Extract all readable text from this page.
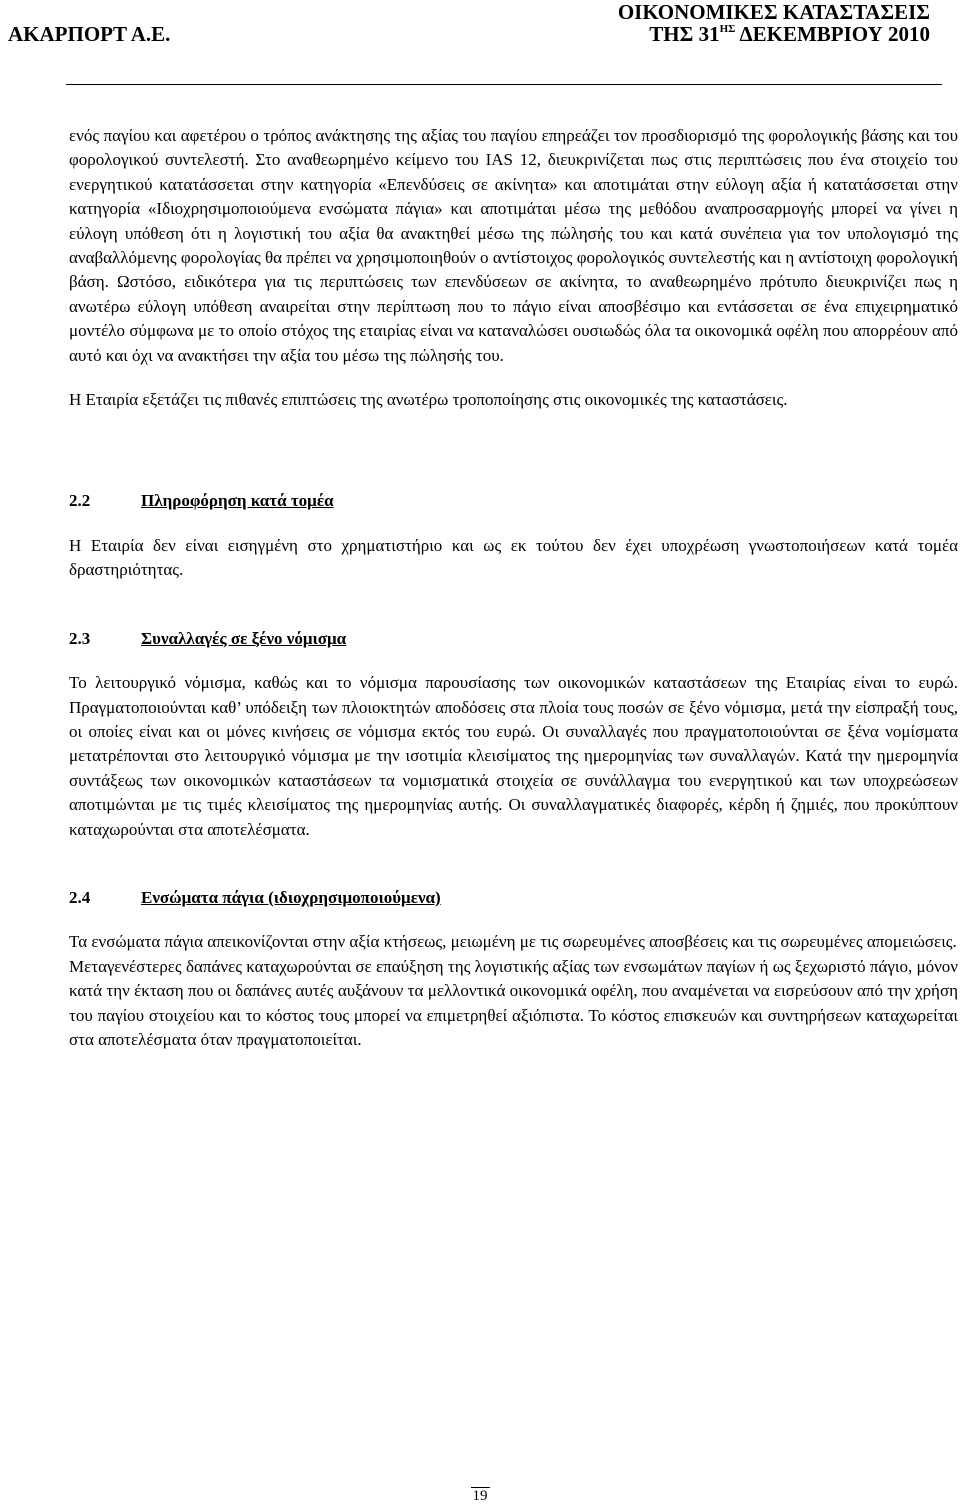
ΑΚΑΡΠΟΡΤ Α.Ε.
ΟΙΚΟΝΟΜΙΚΕΣ ΚΑΤΑΣΤΑΣΕΙΣ
ΤΗΣ $31^{H\Sigma}$ ΔΕΚΕΜΒΡΙΟΥ 2010

ενός παγίου και αφετέρου ο τρόπος ανάκτησης της αξίας του παγίου επηρεάζει τον προσδιορισμό της φορολογικής βάσης και του φορολογικού συντελεστή. Στο αναθεωρημένο κείμενο του IAS 12, διευκρινίζεται πως στις περιπτώσεις που ένα στοιχείο του ενεργητικού κατατάσσεται στην κατηγορία «Επενδύσεις σε ακίνητα» και αποτιμάται στην εύλογη αξία ή κατατάσσεται στην κατηγορία «Ιδιοχρησιμοποιούμενα ενσώματα πάγια» και αποτιμάται μέσω της μεθόδου αναπροσαρμογής μπορεί να γίνει η εύλογη υπόθεση ότι η λογιστική του αξία θα ανακτηθεί μέσω της πώλησής του και κατά συνέπεια για τον υπολογισμό της αναβαλλόμενης φορολογίας θα πρέπει να χρησιμοποιηθούν ο αντίστοιχος φορολογικός συντελεστής και η αντίστοιχη φορολογική βάση. Ωστόσο, ειδικότερα για τις περιπτώσεις των επενδύσεων σε ακίνητα, το αναθεωρημένο πρότυπο διευκρινίζει πως η ανωτέρω εύλογη υπόθεση αναιρείται στην περίπτωση που το πάγιο είναι αποσβέσιμο και εντάσσεται σε ένα επιχειρηματικό μοντέλο σύμφωνα με το οποίο στόχος της εταιρίας είναι να καταναλώσει ουσιωδώς όλα τα οικονομικά οφέλη που απορρέουν από αυτό και όχι να ανακτήσει την αξία του μέσω της πώλησής του.

Η Εταιρία εξετάζει τις πιθανές επιπτώσεις της ανωτέρω τροποποίησης στις οικονομικές της καταστάσεις.

2.2	Πληροφόρηση κατά τομέα

Η Εταιρία δεν είναι εισηγμένη στο χρηματιστήριο και ως εκ τούτου δεν έχει υποχρέωση γνωστοποιήσεων κατά τομέα δραστηριότητας.

2.3	Συναλλαγές σε ξένο νόμισμα

Το λειτουργικό νόμισμα, καθώς και το νόμισμα παρουσίασης των οικονομικών καταστάσεων της Εταιρίας είναι το ευρώ. Πραγματοποιούνται καθ’ υπόδειξη των πλοιοκτητών αποδόσεις στα πλοία τους ποσών σε ξένο νόμισμα, μετά την είσπραξή τους, οι οποίες είναι και οι μόνες κινήσεις σε νόμισμα εκτός του ευρώ. Οι συναλλαγές που πραγματοποιούνται σε ξένα νομίσματα μετατρέπονται στο λειτουργικό νόμισμα με την ισοτιμία κλεισίματος της ημερομηνίας των συναλλαγών. Κατά την ημερομηνία συντάξεως των οικονομικών καταστάσεων τα νομισματικά στοιχεία σε συνάλλαγμα του ενεργητικού και των υποχρεώσεων αποτιμώνται με τις τιμές κλεισίματος της ημερομηνίας αυτής. Οι συναλλαγματικές διαφορές, κέρδη ή ζημιές, που προκύπτουν καταχωρούνται στα αποτελέσματα.

2.4	Ενσώματα πάγια (ιδιοχρησιμοποιούμενα)

Τα ενσώματα πάγια απεικονίζονται στην αξία κτήσεως, μειωμένη με τις σωρευμένες αποσβέσεις και τις σωρευμένες απομειώσεις.

Μεταγενέστερες δαπάνες καταχωρούνται σε επαύξηση της λογιστικής αξίας των ενσωμάτων παγίων ή ως ξεχωριστό πάγιο, μόνον κατά την έκταση που οι δαπάνες αυτές αυξάνουν τα μελλοντικά οικονομικά οφέλη, που αναμένεται να εισρεύσουν από την χρήση του παγίου στοιχείου και το κόστος τους μπορεί να επιμετρηθεί αξιόπιστα. Το κόστος επισκευών και συντηρήσεων καταχωρείται στα αποτελέσματα όταν πραγματοποιείται.

19
